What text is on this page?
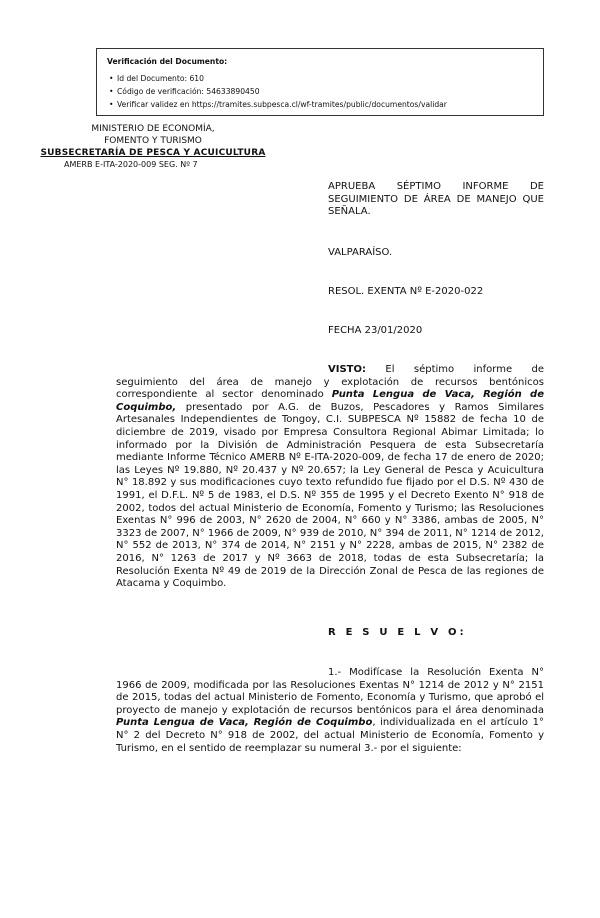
Verificación del Documento:
• Id del Documento: 610
• Código de verificación: 54633890450
• Verificar validez en https://tramites.subpesca.cl/wf-tramites/public/documentos/validar
MINISTERIO DE ECONOMÍA,
FOMENTO Y TURISMO
SUBSECRETARÍA DE PESCA Y ACUICULTURA
AMERB E-ITA-2020-009 SEG. Nº 7
APRUEBA SÉPTIMO INFORME DE SEGUIMIENTO DE ÁREA DE MANEJO QUE SEÑALA.
VALPARAÍSO.
RESOL. EXENTA Nº E-2020-022
FECHA 23/01/2020
VISTO: El séptimo informe de seguimiento del área de manejo y explotación de recursos bentónicos correspondiente al sector denominado Punta Lengua de Vaca, Región de Coquimbo, presentado por A.G. de Buzos, Pescadores y Ramos Similares Artesanales Independientes de Tongoy, C.I. SUBPESCA Nº 15882 de fecha 10 de diciembre de 2019, visado por Empresa Consultora Regional Abimar Limitada; lo informado por la División de Administración Pesquera de esta Subsecretaría mediante Informe Técnico AMERB Nº E-ITA-2020-009, de fecha 17 de enero de 2020; las Leyes Nº 19.880, Nº 20.437 y Nº 20.657; la Ley General de Pesca y Acuicultura N° 18.892 y sus modificaciones cuyo texto refundido fue fijado por el D.S. Nº 430 de 1991, el D.F.L. Nº 5 de 1983, el D.S. Nº 355 de 1995 y el Decreto Exento N° 918 de 2002, todos del actual Ministerio de Economía, Fomento y Turismo; las Resoluciones Exentas N° 996 de 2003, N° 2620 de 2004, N° 660 y N° 3386, ambas de 2005, N° 3323 de 2007, N° 1966 de 2009, N° 939 de 2010, N° 394 de 2011, N° 1214 de 2012, N° 552 de 2013, N° 374 de 2014, N° 2151 y N° 2228, ambas de 2015, N° 2382 de 2016, N° 1263 de 2017 y Nº 3663 de 2018, todas de esta Subsecretaría; la Resolución Exenta Nº 49 de 2019 de la Dirección Zonal de Pesca de las regiones de Atacama y Coquimbo.
R E S U E L V O:
1.- Modifícase la Resolución Exenta N° 1966 de 2009, modificada por las Resoluciones Exentas N° 1214 de 2012 y N° 2151 de 2015, todas del actual Ministerio de Fomento, Economía y Turismo, que aprobó el proyecto de manejo y explotación de recursos bentónicos para el área denominada Punta Lengua de Vaca, Región de Coquimbo, individualizada en el artículo 1° N° 2 del Decreto N° 918 de 2002, del actual Ministerio de Economía, Fomento y Turismo, en el sentido de reemplazar su numeral 3.- por el siguiente:
